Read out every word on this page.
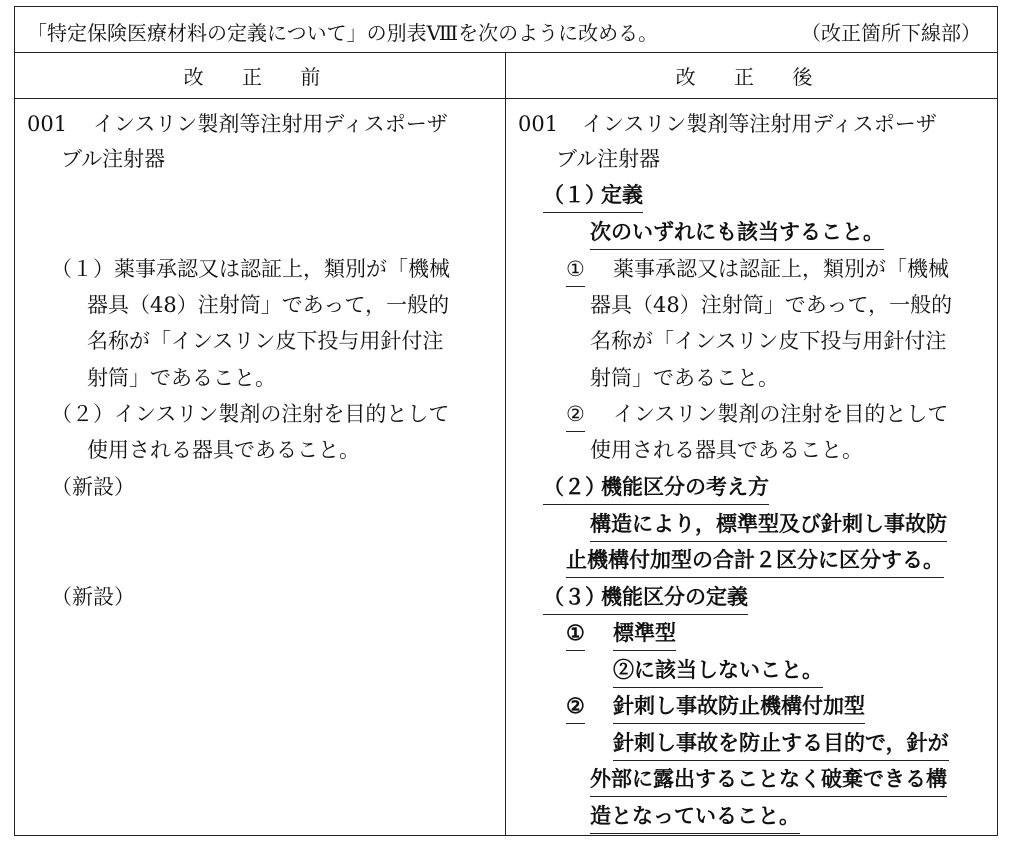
「特定保険医療材料の定義について」の別表Ⅷを次のように改める。	（改正箇所下線部）
改 正 前	改 正 後
001 インスリン製剤等注射用ディスポーザ
ブル注射器
（１）薬事承認又は認証上，類別が「機械
器具（48）注射筒」であって，一般的
名称が「インスリン皮下投与用針付注
射筒」であること。
（２）インスリン製剤の注射を目的として
使用される器具であること。
（新設）
（新設）
001 インスリン製剤等注射用ディスポーザ
ブル注射器
（１）
定義
次のいずれにも該当すること。
① 薬事承認又は認証上，類別が「機械
器具（48）注射筒」であって，一般的
名称が「インスリン皮下投与用針付注
射筒」であること。
② インスリン製剤の注射を目的として
使用される器具であること。
（２）
機能区分の考え方
構造により，標準型及び針刺し事故防
止機構付加型の合計２区分に区分する。
（３）
機能区分の定義
① 標準型
②に該当しないこと。
② 針刺し事故防止機構付加型
針刺し事故を防止する目的で，針が
外部に露出することなく破棄できる構
造となっていること。
